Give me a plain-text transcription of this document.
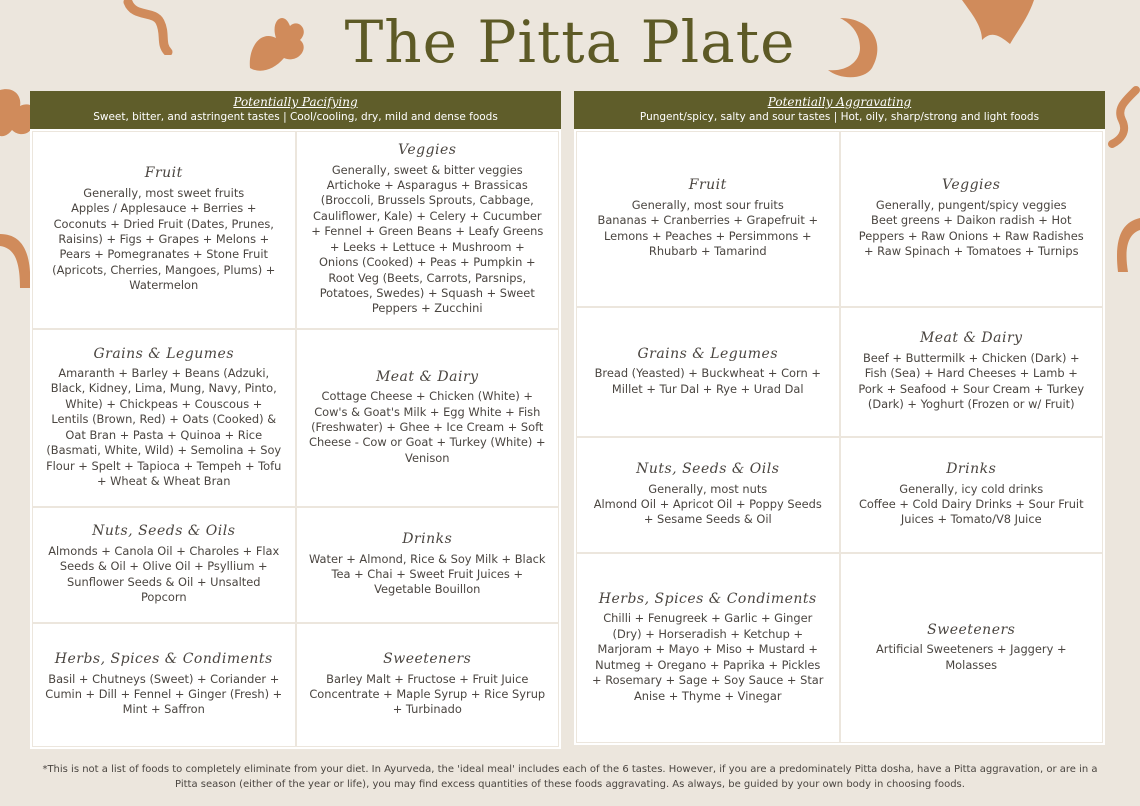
The Pitta Plate
Potentially Pacifying
Sweet, bitter, and astringent tastes | Cool/cooling, dry, mild and dense foods
Fruit
Generally, most sweet fruits
Apples / Applesauce + Berries + Coconuts + Dried Fruit (Dates, Prunes, Raisins) + Figs + Grapes + Melons + Pears + Pomegranates + Stone Fruit (Apricots, Cherries, Mangoes, Plums) + Watermelon
Veggies
Generally, sweet & bitter veggies
Artichoke + Asparagus + Brassicas (Broccoli, Brussels Sprouts, Cabbage, Cauliflower, Kale) + Celery + Cucumber + Fennel + Green Beans + Leafy Greens + Leeks + Lettuce + Mushroom + Onions (Cooked) + Peas + Pumpkin + Root Veg (Beets, Carrots, Parsnips, Potatoes, Swedes) + Squash + Sweet Peppers + Zucchini
Grains & Legumes
Amaranth + Barley + Beans (Adzuki, Black, Kidney, Lima, Mung, Navy, Pinto, White) + Chickpeas + Couscous + Lentils (Brown, Red) + Oats (Cooked) & Oat Bran + Pasta + Quinoa + Rice (Basmati, White, Wild) + Semolina + Soy Flour + Spelt + Tapioca + Tempeh + Tofu + Wheat & Wheat Bran
Meat & Dairy
Cottage Cheese + Chicken (White) + Cow's & Goat's Milk + Egg White + Fish (Freshwater) + Ghee + Ice Cream + Soft Cheese - Cow or Goat + Turkey (White) + Venison
Nuts, Seeds & Oils
Almonds + Canola Oil + Charoles + Flax Seeds & Oil + Olive Oil + Psyllium + Sunflower Seeds & Oil + Unsalted Popcorn
Drinks
Water + Almond, Rice & Soy Milk + Black Tea + Chai + Sweet Fruit Juices + Vegetable Bouillon
Herbs, Spices & Condiments
Basil + Chutneys (Sweet) + Coriander + Cumin + Dill + Fennel + Ginger (Fresh) + Mint + Saffron
Sweeteners
Barley Malt + Fructose + Fruit Juice Concentrate + Maple Syrup + Rice Syrup + Turbinado
Potentially Aggravating
Pungent/spicy, salty and sour tastes | Hot, oily, sharp/strong and light foods
Fruit
Generally, most sour fruits
Bananas + Cranberries + Grapefruit + Lemons + Peaches + Persimmons + Rhubarb + Tamarind
Veggies
Generally, pungent/spicy veggies
Beet greens + Daikon radish + Hot Peppers + Raw Onions + Raw Radishes + Raw Spinach + Tomatoes + Turnips
Grains & Legumes
Bread (Yeasted) + Buckwheat + Corn + Millet + Tur Dal + Rye + Urad Dal
Meat & Dairy
Beef + Buttermilk + Chicken (Dark) + Fish (Sea) + Hard Cheeses + Lamb + Pork + Seafood + Sour Cream + Turkey (Dark) + Yoghurt (Frozen or w/ Fruit)
Nuts, Seeds & Oils
Generally, most nuts
Almond Oil + Apricot Oil + Poppy Seeds + Sesame Seeds & Oil
Drinks
Generally, icy cold drinks
Coffee + Cold Dairy Drinks + Sour Fruit Juices + Tomato/V8 Juice
Herbs, Spices & Condiments
Chilli + Fenugreek + Garlic + Ginger (Dry) + Horseradish + Ketchup + Marjoram + Mayo + Miso + Mustard + Nutmeg + Oregano + Paprika + Pickles + Rosemary + Sage + Soy Sauce + Star Anise + Thyme + Vinegar
Sweeteners
Artificial Sweeteners + Jaggery + Molasses

*This is not a list of foods to completely eliminate from your diet. In Ayurveda, the 'ideal meal' includes each of the 6 tastes. However, if you are a predominately Pitta dosha, have a Pitta aggravation, or are in a Pitta season (either of the year or life), you may find excess quantities of these foods aggravating. As always, be guided by your own body in choosing foods.
